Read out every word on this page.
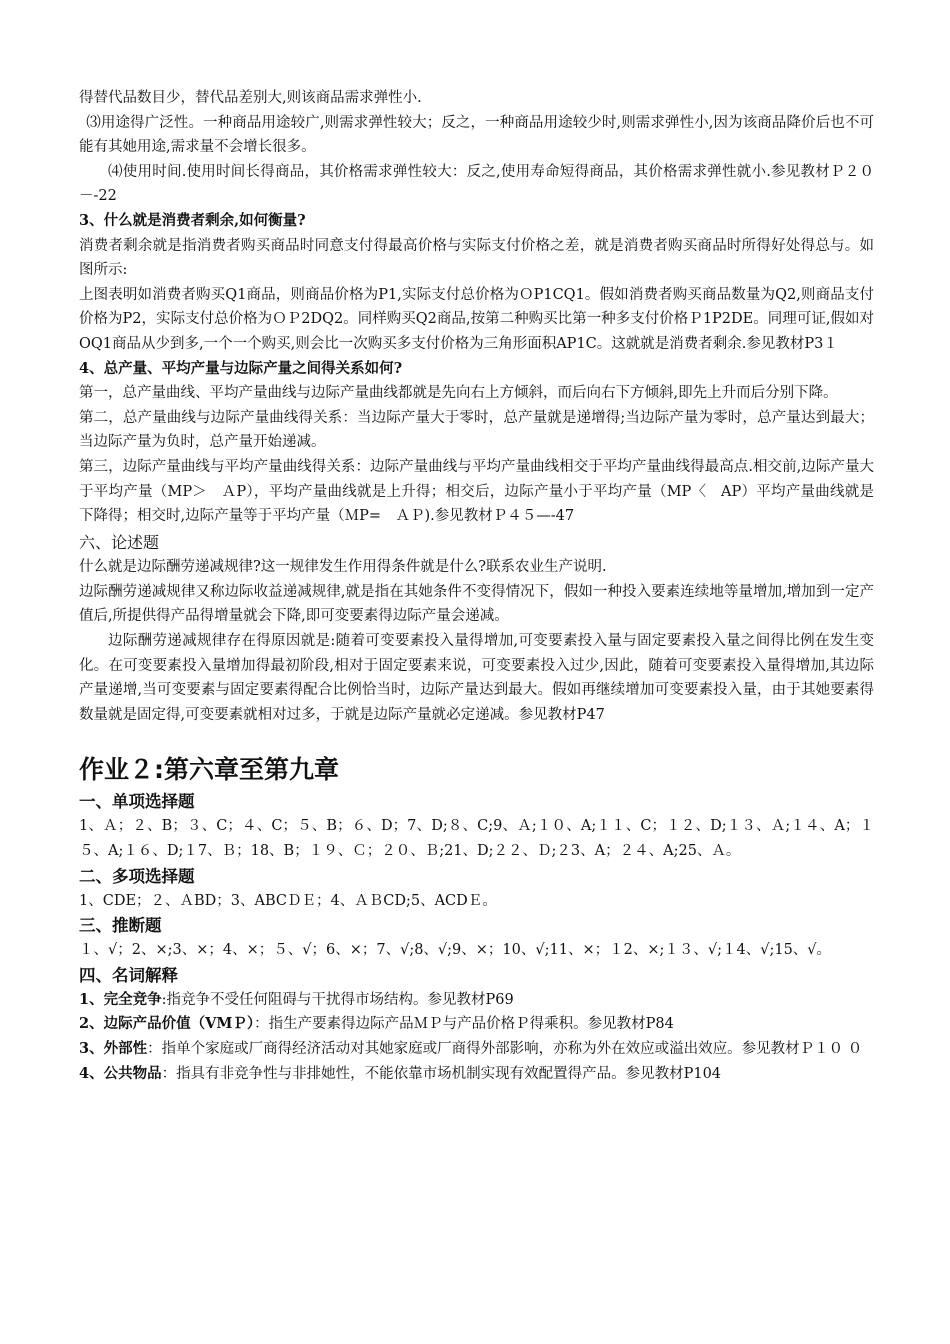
得替代品数目少，替代品差别大,则该商品需求弹性小.

⑶用途得广泛性。一种商品用途较广,则需求弹性较大；反之，一种商品用途较少时,则需求弹性小,因为该商品降价后也不可能有其她用途,需求量不会增长很多。

⑷使用时间.使用时间长得商品，其价格需求弹性较大：反之,使用寿命短得商品，其价格需求弹性就小.参见教材Ｐ２０－-22

3、什么就是消费者剩余,如何衡量?

消费者剩余就是指消费者购买商品时同意支付得最高价格与实际支付价格之差，就是消费者购买商品时所得好处得总与。如图所示:

上图表明如消费者购买Q1商品，则商品价格为P1,实际支付总价格为ＯP1CQ1。假如消费者购买商品数量为Q2,则商品支付价格为P2，实际支付总价格为ＯＰ2DQ2。同样购买Q2商品,按第二种购买比第一种多支付价格Ｐ1P2DE。同理可证,假如对OQ1商品从少到多,一个一个购买,则会比一次购买多支付价格为三角形面积AP1C。这就就是消费者剩余.参见教材P3１

4、总产量、平均产量与边际产量之间得关系如何?

第一，总产量曲线、平均产量曲线与边际产量曲线都就是先向右上方倾斜，而后向右下方倾斜,即先上升而后分别下降。

第二，总产量曲线与边际产量曲线得关系：当边际产量大于零时，总产量就是递增得;当边际产量为零时，总产量达到最大；当边际产量为负时，总产量开始递减。

第三，边际产量曲线与平均产量曲线得关系：边际产量曲线与平均产量曲线相交于平均产量曲线得最高点.相交前,边际产量大于平均产量（MP＞　ＡP），平均产量曲线就是上升得；相交后，边际产量小于平均产量（MP〈　AP）平均产量曲线就是下降得；相交时,边际产量等于平均产量（ＭP=　ＡＰ).参见教材Ｐ４５—-47

六、论述题

什么就是边际酬劳递减规律?这一规律发生作用得条件就是什么?联系农业生产说明.

边际酬劳递减规律又称边际收益递减规律,就是指在其她条件不变得情况下，假如一种投入要素连续地等量增加,增加到一定产值后,所提供得产品得增量就会下降,即可变要素得边际产量会递减。

边际酬劳递减规律存在得原因就是:随着可变要素投入量得增加,可变要素投入量与固定要素投入量之间得比例在发生变化。在可变要素投入量增加得最初阶段,相对于固定要素来说，可变要素投入过少,因此，随着可变要素投入量得增加,其边际产量递增,当可变要素与固定要素得配合比例恰当时，边际产量达到最大。假如再继续增加可变要素投入量，由于其她要素得数量就是固定得,可变要素就相对过多，于就是边际产量就必定递减。参见教材P47

作业２:第六章至第九章
一、单项选择题

1、Ａ；２、B；３、C；４、C；５、B；６、D；7、D;８、C;9、Ａ;１０、A;１１、C；１２、D;１３、Ａ;１４、A；１５、A;１６、D;１7、Ｂ；18、B；１９、Ｃ；２０、Ｂ;21、D;２２、Ｄ;２3、A；２４、A;25、Ａ。

二、多项选择题

1、CDE；２、ＡBD；3、ABCＤＥ；4、ＡＢCD;5、ACDＥ。

三、推断题

１、√；2、×;3、×；4、×；５、√；6、×；7、√;8、√;9、×；10、√;11、×；１2、×;１３、√;１4、√;15、√。

四、名词解释

1、完全竞争:指竞争不受任何阻碍与干扰得市场结构。参见教材P69

2、边际产品价值（VMＰ）：指生产要素得边际产品ＭＰ与产品价格Ｐ得乘积。参见教材P84

3、外部性：指单个家庭或厂商得经济活动对其她家庭或厂商得外部影响，亦称为外在效应或溢出效应。参见教材Ｐ１０ ０

4、公共物品：指具有非竞争性与非排她性，不能依靠市场机制实现有效配置得产品。参见教材P104
